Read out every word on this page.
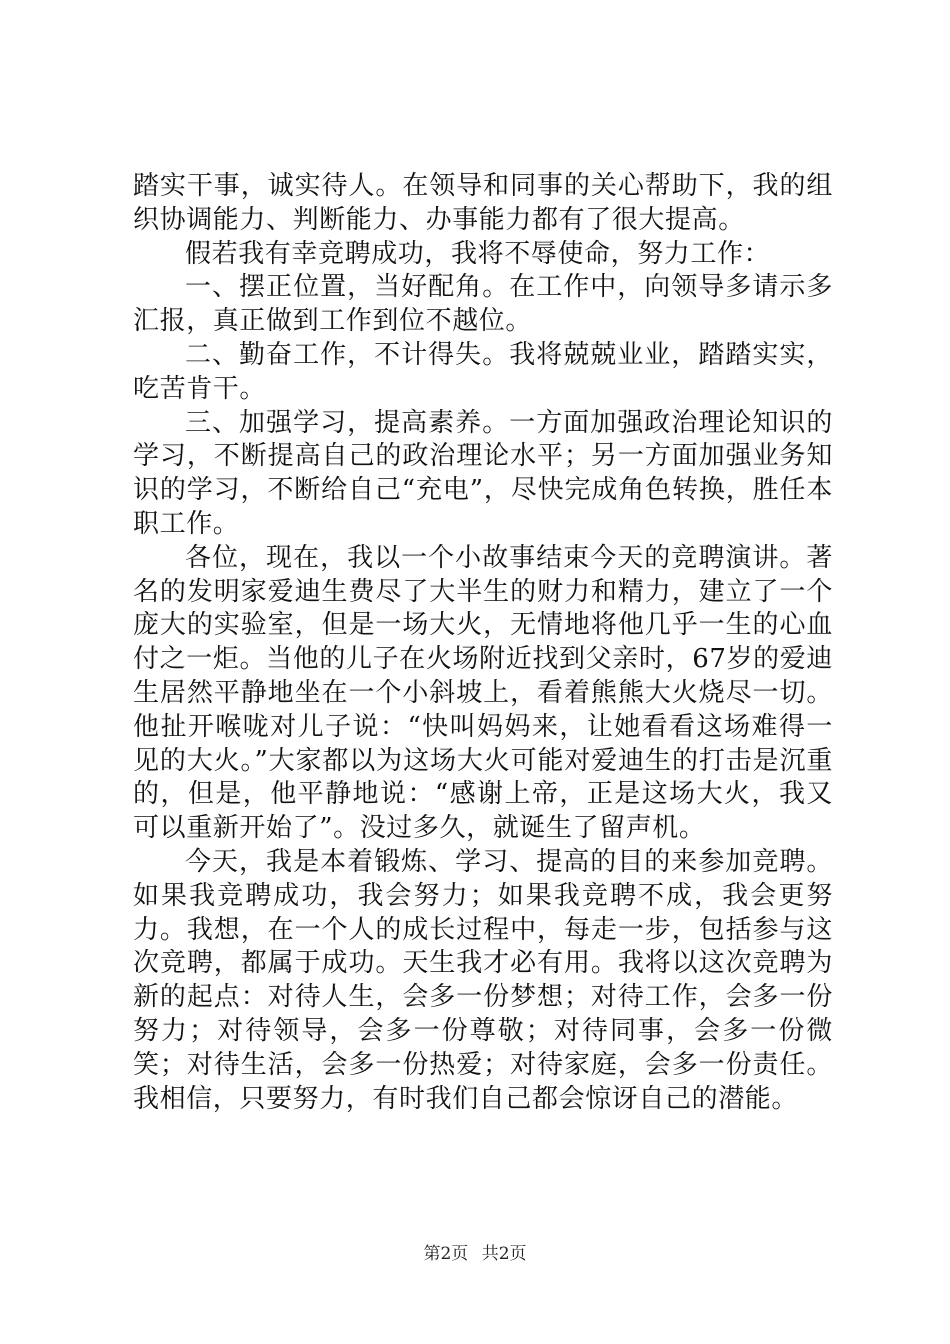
踏实干事，诚实待人。在领导和同事的关心帮助下，我的组织协调能力、判断能力、办事能力都有了很大提高。

假若我有幸竞聘成功，我将不辱使命，努力工作：

一、摆正位置，当好配角。在工作中，向领导多请示多汇报，真正做到工作到位不越位。

二、勤奋工作，不计得失。我将兢兢业业，踏踏实实，吃苦肯干。

三、加强学习，提高素养。一方面加强政治理论知识的学习，不断提高自己的政治理论水平；另一方面加强业务知识的学习，不断给自己“充电”，尽快完成角色转换，胜任本职工作。

各位，现在，我以一个小故事结束今天的竞聘演讲。著名的发明家爱迪生费尽了大半生的财力和精力，建立了一个庞大的实验室，但是一场大火，无情地将他几乎一生的心血付之一炬。当他的儿子在火场附近找到父亲时，67岁的爱迪生居然平静地坐在一个小斜坡上，看着熊熊大火烧尽一切。他扯开喉咙对儿子说：“快叫妈妈来，让她看看这场难得一见的大火。”大家都以为这场大火可能对爱迪生的打击是沉重的，但是，他平静地说：“感谢上帝，正是这场大火，我又可以重新开始了”。没过多久，就诞生了留声机。

今天，我是本着锻炼、学习、提高的目的来参加竞聘。如果我竞聘成功，我会努力；如果我竞聘不成，我会更努力。我想，在一个人的成长过程中，每走一步，包括参与这次竞聘，都属于成功。天生我才必有用。我将以这次竞聘为新的起点：对待人生，会多一份梦想；对待工作，会多一份努力；对待领导，会多一份尊敬；对待同事，会多一份微笑；对待生活，会多一份热爱；对待家庭，会多一份责任。我相信，只要努力，有时我们自己都会惊讶自己的潜能。

第2页 共2页
